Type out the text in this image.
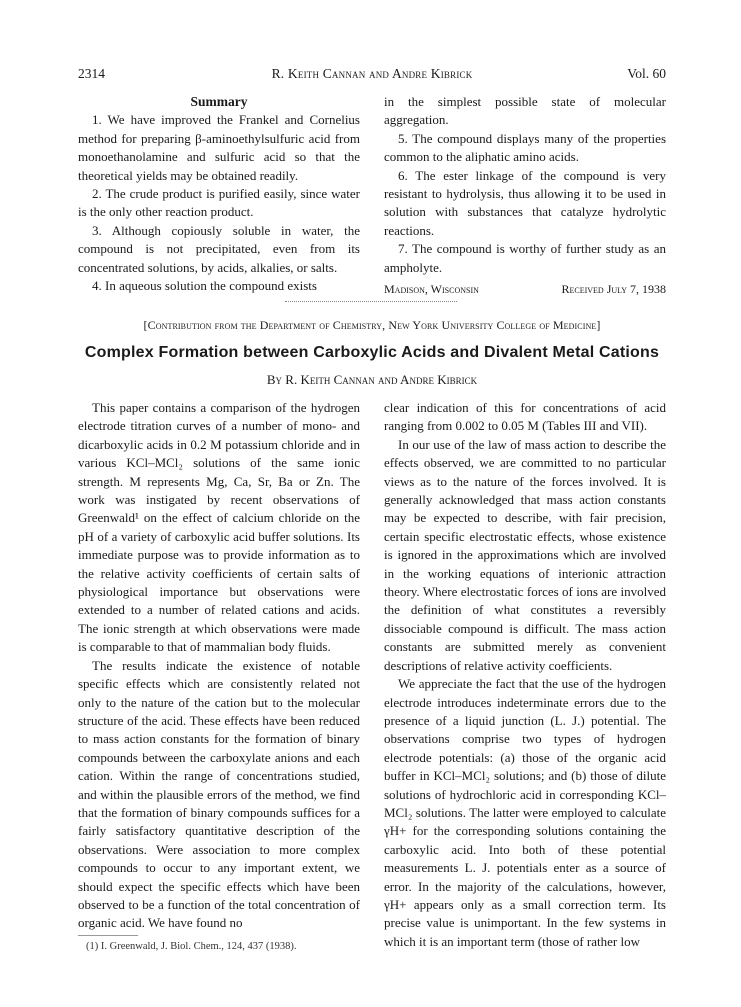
2314	R. Keith Cannan and Andre Kibrick	Vol. 60

Summary

1. We have improved the Frankel and Cornelius method for preparing β-aminoethylsulfuric acid from monoethanolamine and sulfuric acid so that the theoretical yields may be obtained readily.

2. The crude product is purified easily, since water is the only other reaction product.

3. Although copiously soluble in water, the compound is not precipitated, even from its concentrated solutions, by acids, alkalies, or salts.

4. In aqueous solution the compound exists

in the simplest possible state of molecular aggregation.

5. The compound displays many of the properties common to the aliphatic amino acids.

6. The ester linkage of the compound is very resistant to hydrolysis, thus allowing it to be used in solution with substances that catalyze hydrolytic reactions.

7. The compound is worthy of further study as an ampholyte.

Madison, Wisconsin	Received July 7, 1938
[Contribution from the Department of Chemistry, New York University College of Medicine]
Complex Formation between Carboxylic Acids and Divalent Metal Cations
By R. Keith Cannan and Andre Kibrick

This paper contains a comparison of the hydrogen electrode titration curves of a number of mono- and dicarboxylic acids in 0.2 M potassium chloride and in various KCl–MCl₂ solutions of the same ionic strength. M represents Mg, Ca, Sr, Ba or Zn. The work was instigated by recent observations of Greenwald¹ on the effect of calcium chloride on the pH of a variety of carboxylic acid buffer solutions. Its immediate purpose was to provide information as to the relative activity coefficients of certain salts of physiological importance but observations were extended to a number of related cations and acids. The ionic strength at which observations were made is comparable to that of mammalian body fluids.

The results indicate the existence of notable specific effects which are consistently related not only to the nature of the cation but to the molecular structure of the acid. These effects have been reduced to mass action constants for the formation of binary compounds between the carboxylate anions and each cation. Within the range of concentrations studied, and within the plausible errors of the method, we find that the formation of binary compounds suffices for a fairly satisfactory quantitative description of the observations. Were association to more complex compounds to occur to any important extent, we should expect the specific effects which have been observed to be a function of the total concentration of organic acid. We have found no

(1) I. Greenwald, J. Biol. Chem., 124, 437 (1938).

clear indication of this for concentrations of acid ranging from 0.002 to 0.05 M (Tables III and VII).

In our use of the law of mass action to describe the effects observed, we are committed to no particular views as to the nature of the forces involved. It is generally acknowledged that mass action constants may be expected to describe, with fair precision, certain specific electrostatic effects, whose existence is ignored in the approximations which are involved in the working equations of interionic attraction theory. Where electrostatic forces of ions are involved the definition of what constitutes a reversibly dissociable compound is difficult. The mass action constants are submitted merely as convenient descriptions of relative activity coefficients.

We appreciate the fact that the use of the hydrogen electrode introduces indeterminate errors due to the presence of a liquid junction (L. J.) potential. The observations comprise two types of hydrogen electrode potentials: (a) those of the organic acid buffer in KCl–MCl₂ solutions; and (b) those of dilute solutions of hydrochloric acid in corresponding KCl–MCl₂ solutions. The latter were employed to calculate γH+ for the corresponding solutions containing the carboxylic acid. Into both of these potential measurements L. J. potentials enter as a source of error. In the majority of the calculations, however, γH+ appears only as a small correction term. Its precise value is unimportant. In the few systems in which it is an important term (those of rather low
